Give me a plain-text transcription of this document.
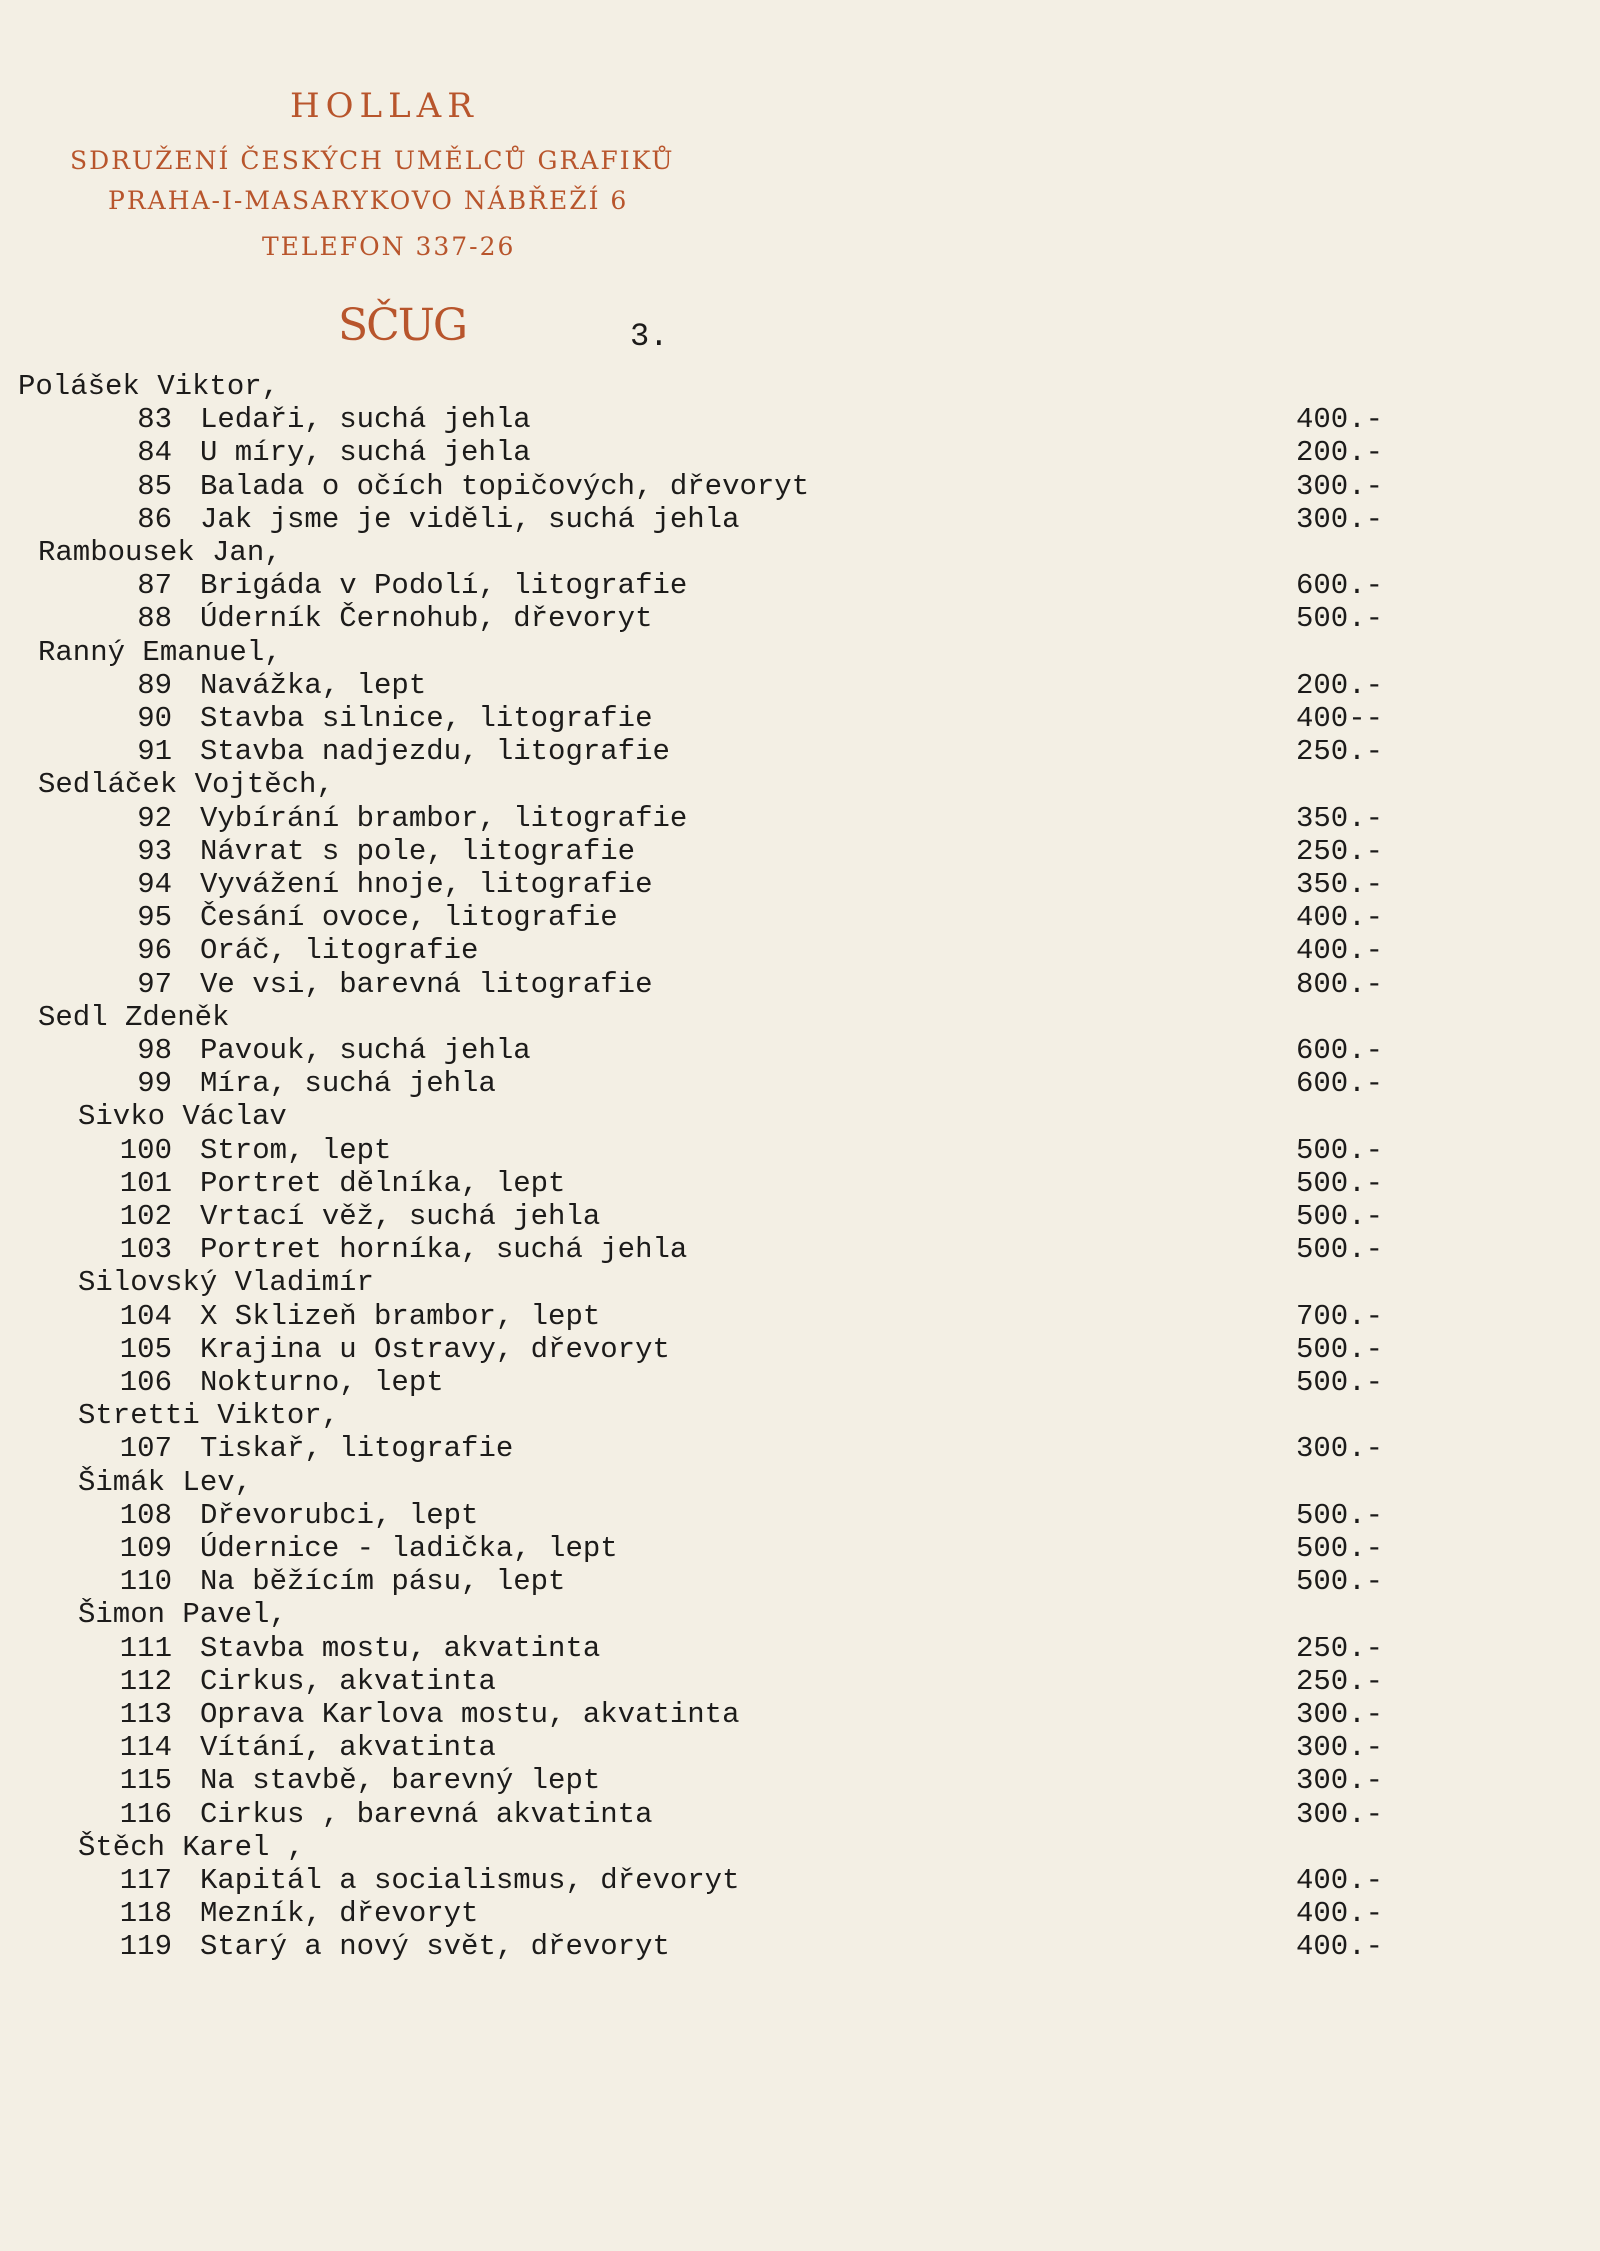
HOLLAR
SDRUŽENÍ ČESKÝCH UMĚLCŮ GRAFIKŮ
PRAHA-I-MASARYKOVO NÁBŘEŽÍ 6
TELEFON 337-26
SČUG	3.
Polášek Viktor,
83 Ledaři, suchá jehla	400.-
84 U míry, suchá jehla	200.-
85 Balada o očích topičových, dřevoryt	300.-
86 Jak jsme je viděli, suchá jehla	300.-
Rambousek Jan,
87 Brigáda v Podolí, litografie	600.-
88 Úderník Černohub, dřevoryt	500.-
Ranný Emanuel,
89 Navážka, lept	200.-
90 Stavba silnice, litografie	400--
91 Stavba nadjezdu, litografie	250.-
Sedláček Vojtěch,
92 Vybírání brambor, litografie	350.-
93 Návrat s pole, litografie	250.-
94 Vyvážení hnoje, litografie	350.-
95 Česání ovoce, litografie	400.-
96 Oráč, litografie	400.-
97 Ve vsi, barevná litografie	800.-
Sedl Zdeněk
98 Pavouk, suchá jehla	600.-
99 Míra, suchá jehla	600.-
Sivko Václav
100 Strom, lept	500.-
101 Portret dělníka, lept	500.-
102 Vrtací věž, suchá jehla	500.-
103 Portret horníka, suchá jehla	500.-
Silovský Vladimír
104 X Sklizeň brambor, lept	700.-
105 Krajina u Ostravy, dřevoryt	500.-
106 Nokturno, lept	500.-
Stretti Viktor,
107 Tiskař, litografie	300.-
Šimák Lev,
108 Dřevorubci, lept	500.-
109 Údernice - ladička, lept	500.-
110 Na běžícím pásu, lept	500.-
Šimon Pavel,
111 Stavba mostu, akvatinta	250.-
112 Cirkus, akvatinta	250.-
113 Oprava Karlova mostu, akvatinta	300.-
114 Vítání, akvatinta	300.-
115 Na stavbě, barevný lept	300.-
116 Cirkus , barevná akvatinta	300.-
Štěch Karel ,
117 Kapitál a socialismus, dřevoryt	400.-
118 Mezník, dřevoryt	400.-
119 Starý a nový svět, dřevoryt	400.-
